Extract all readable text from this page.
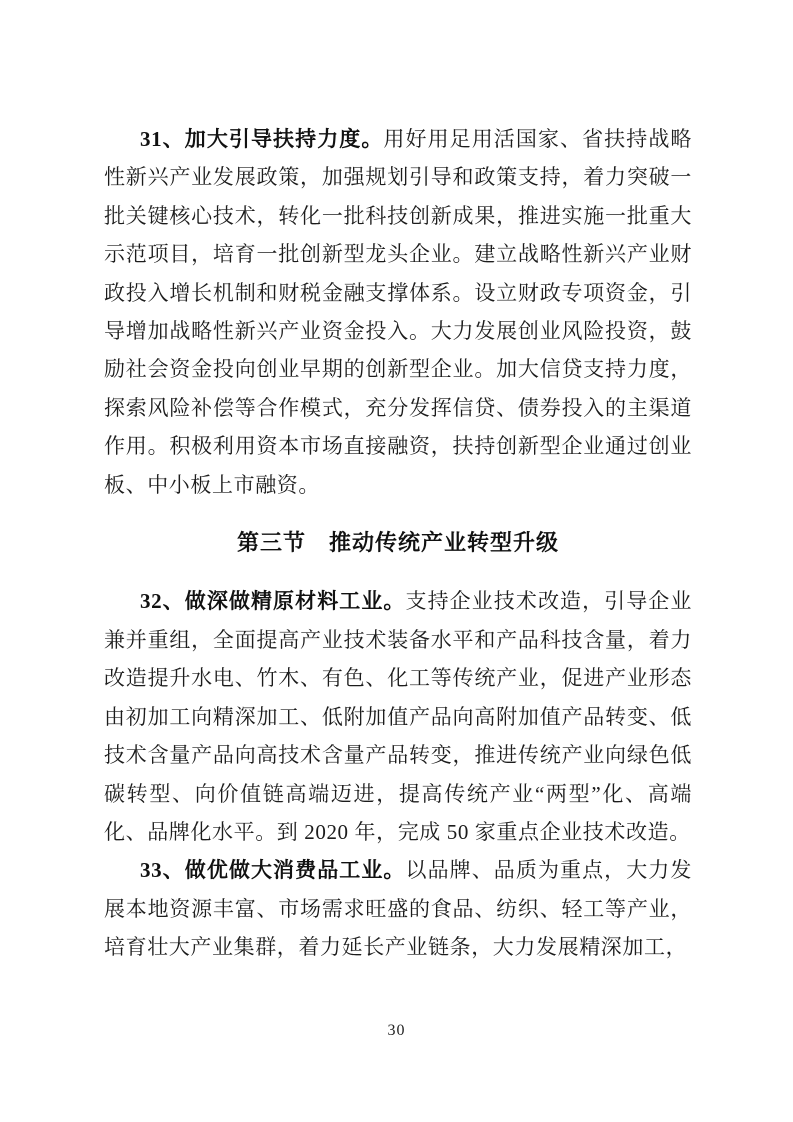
31、加大引导扶持力度。用好用足用活国家、省扶持战略性新兴产业发展政策，加强规划引导和政策支持，着力突破一批关键核心技术，转化一批科技创新成果，推进实施一批重大示范项目，培育一批创新型龙头企业。建立战略性新兴产业财政投入增长机制和财税金融支撑体系。设立财政专项资金，引导增加战略性新兴产业资金投入。大力发展创业风险投资，鼓励社会资金投向创业早期的创新型企业。加大信贷支持力度，探索风险补偿等合作模式，充分发挥信贷、债券投入的主渠道作用。积极利用资本市场直接融资，扶持创新型企业通过创业板、中小板上市融资。

第三节　推动传统产业转型升级

32、做深做精原材料工业。支持企业技术改造，引导企业兼并重组，全面提高产业技术装备水平和产品科技含量，着力改造提升水电、竹木、有色、化工等传统产业，促进产业形态由初加工向精深加工、低附加值产品向高附加值产品转变、低技术含量产品向高技术含量产品转变，推进传统产业向绿色低碳转型、向价值链高端迈进，提高传统产业“两型”化、高端化、品牌化水平。到 2020 年，完成 50 家重点企业技术改造。

33、做优做大消费品工业。以品牌、品质为重点，大力发展本地资源丰富、市场需求旺盛的食品、纺织、轻工等产业，培育壮大产业集群，着力延长产业链条，大力发展精深加工，

30
